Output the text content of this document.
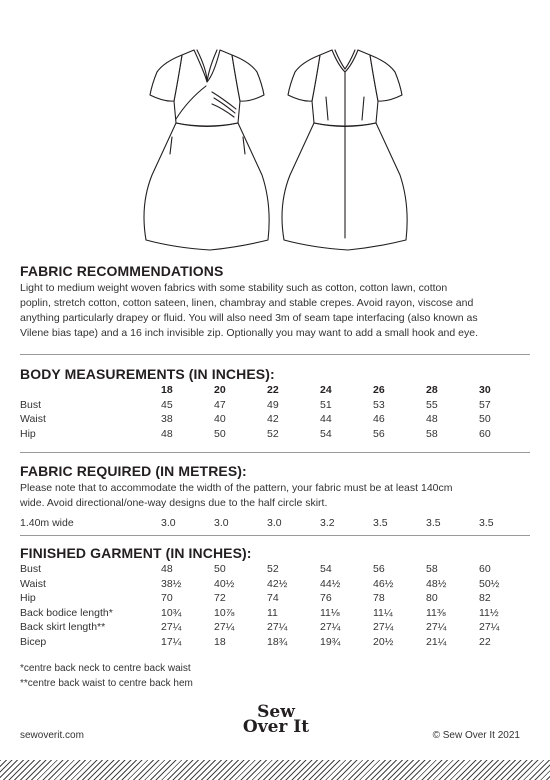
FABRIC RECOMMENDATIONS

Light to medium weight woven fabrics with some stability such as cotton, cotton lawn, cotton
poplin, stretch cotton, cotton sateen, linen, chambray and stable crepes. Avoid rayon, viscose and
anything particularly drapey or fluid. You will also need 3m of seam tape interfacing (also known as
Vilene bias tape) and a 16 inch invisible zip. Optionally you may want to add a small hook and eye.

BODY MEASUREMENTS (IN INCHES):
	18	20	22	24	26	28	30
Bust	45	47	49	51	53	55	57
Waist	38	40	42	44	46	48	50
Hip	48	50	52	54	56	58	60
FABRIC REQUIRED (IN METRES):

Please note that to accommodate the width of the pattern, your fabric must be at least 140cm
wide. Avoid directional/one-way designs due to the half circle skirt.

1.40m wide	3.0	3.0	3.0	3.2	3.5	3.5	3.5
FINISHED GARMENT (IN INCHES):
Bust	48	50	52	54	56	58	60
Waist	38½	40½	42½	44½	46½	48½	50½
Hip	70	72	74	76	78	80	82
Back bodice length*	10¾	10⅞	11	11⅛	11¼	11⅜	11½
Back skirt length**	27¼	27¼	27¼	27¼	27¼	27¼	27¼
Bicep	17¼	18	18¾	19¾	20½	21¼	22
*centre back neck to centre back waist
**centre back waist to centre back hem
sewoverit.com
Sew
Over It	© Sew Over It 2021
